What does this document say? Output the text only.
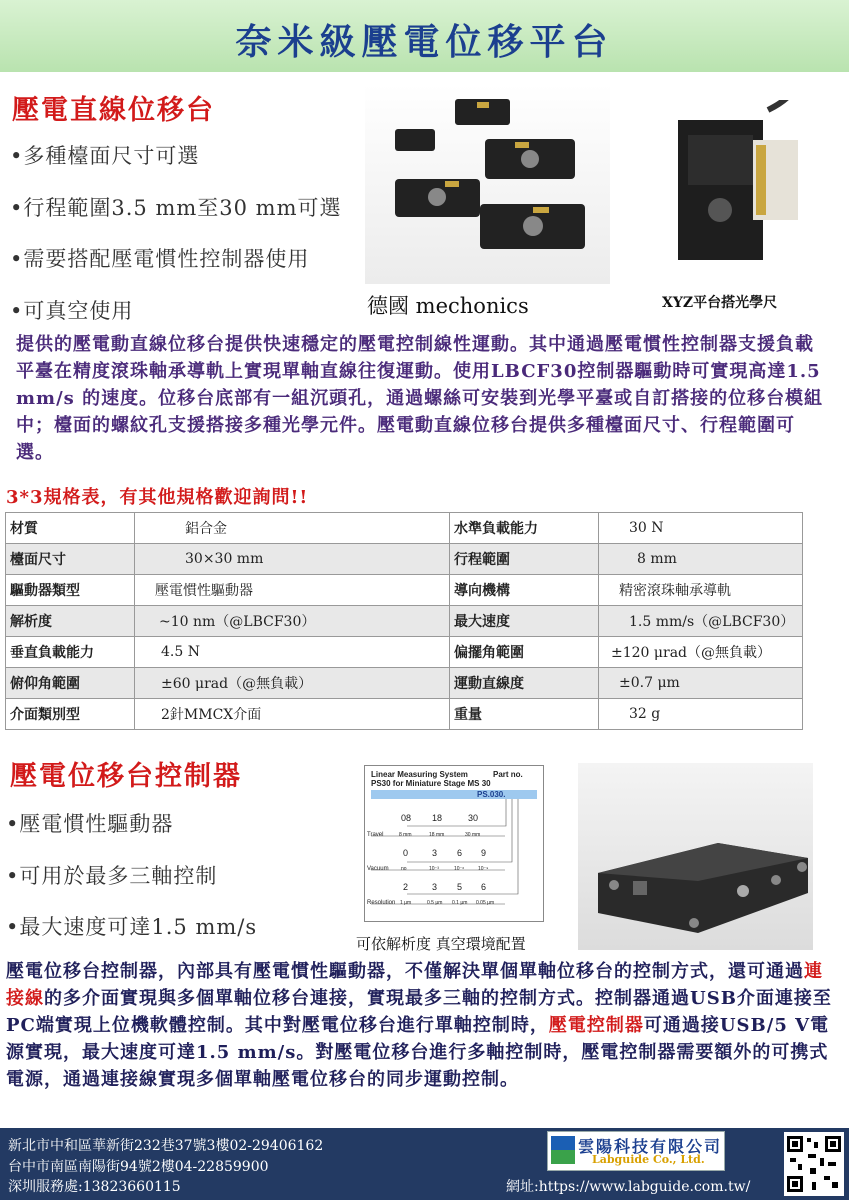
奈米級壓電位移平台
壓電直線位移台
•多種檯面尺寸可選
•行程範圍3.5 mm至30 mm可選
•需要搭配壓電慣性控制器使用
•可真空使用	德國 mechonics	XYZ平台搭光學尺
提供的壓電動直線位移台提供快速穩定的壓電控制線性運動。其中通過壓電慣性控制器支援負載平臺在精度滾珠軸承導軌上實現單軸直線往復運動。使用LBCF30控制器驅動時可實現高達1.5 mm/s 的速度。位移台底部有一組沉頭孔，通過螺絲可安裝到光學平臺或自訂搭接的位移台模組中；檯面的螺紋孔支援搭接多種光學元件。壓電動直線位移台提供多種檯面尺寸、行程範圍可選。
3*3規格表，有其他規格歡迎詢問!!
材質	鋁合金	水準負載能力	30 N
檯面尺寸	30×30 mm	行程範圍	8 mm
驅動器類型	壓電慣性驅動器	導向機構	精密滾珠軸承導軌
解析度	~10 nm（@LBCF30）	最大速度	1.5 mm/s（@LBCF30）
垂直負載能力	4.5 N	偏擺角範圍	±120 μrad（@無負載）
俯仰角範圍	±60 μrad（@無負載）	運動直線度	±0.7 μm
介面類別型	2針MMCX介面	重量	32 g
壓電位移台控制器
•壓電慣性驅動器
•可用於最多三軸控制
•最大速度可達1.5 mm/s
Linear Measuring System	Part no.
PS30 for Miniature Stage MS 30
PS.030.
Travel
08 18	30
8 mm	18 mm	30 mm
Vacuum
0	3 6 9
no	10⁻³	10⁻⁶	10⁻⁹
Resolution
2	3 5 6
1 µm	0.5 µm 0.1 µm 0.05 µm
可依解析度 真空環境配置
壓電位移台控制器，內部具有壓電慣性驅動器，不僅解決單個單軸位移台的控制方式，還可通過連接線的多介面實現與多個單軸位移台連接，實現最多三軸的控制方式。控制器通過USB介面連接至PC端實現上位機軟體控制。其中對壓電位移台進行單軸控制時，壓電控制器可通過接USB/5 V電源實現，最大速度可達1.5 mm/s。對壓電位移台進行多軸控制時，壓電控制器需要額外的可携式電源，通過連接線實現多個單軸壓電位移台的同步運動控制。
新北市中和區華新街232巷37號3樓02-29406162
台中市南區南陽街94號2樓04-22859900
深圳服務處:13823660115
雲陽科技有限公司
Labguide Co., Ltd.
網址:https://www.labguide.com.tw/
